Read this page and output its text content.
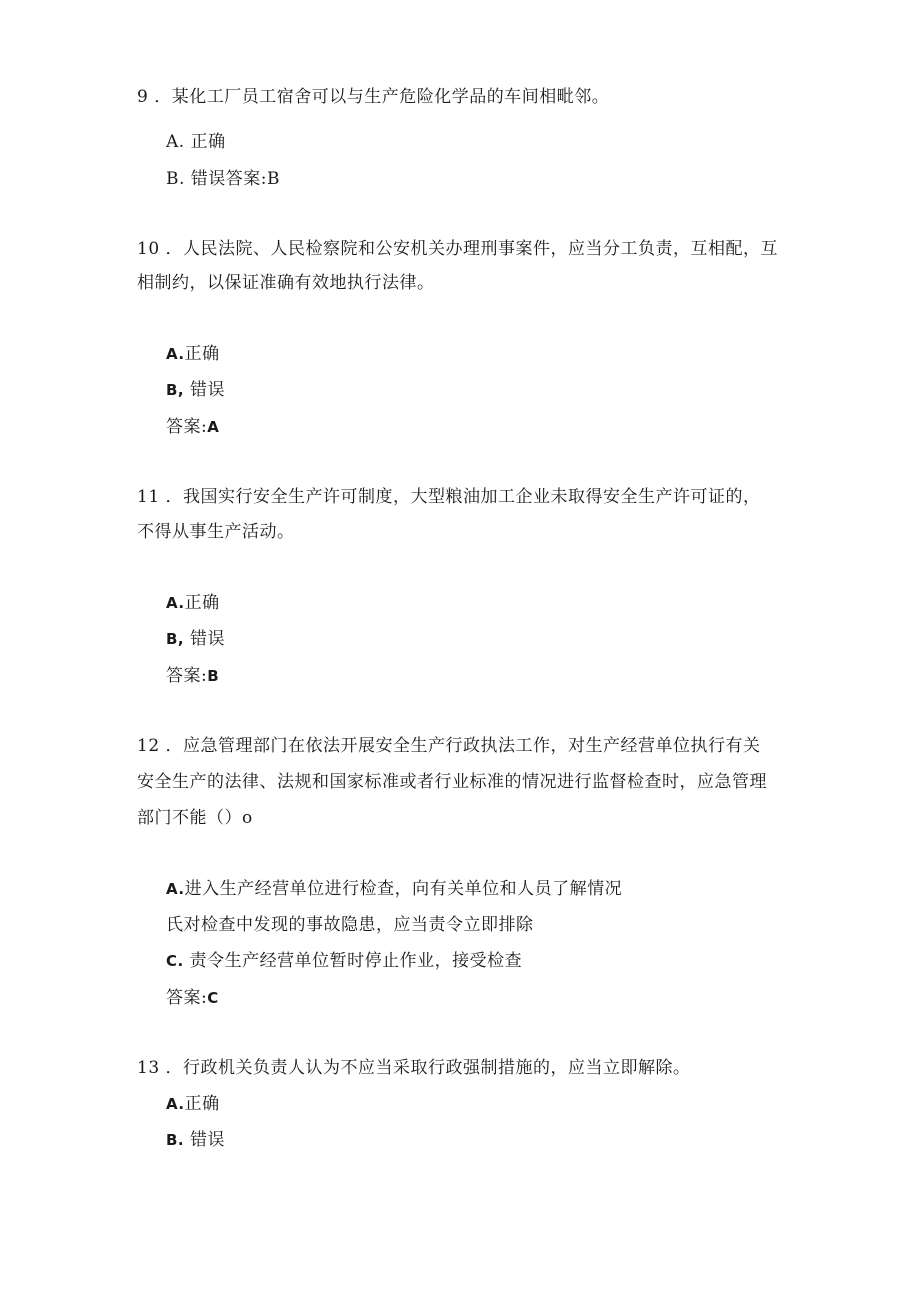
9 ．某化工厂员工宿舍可以与生产危险化学品的车间相毗邻。
A. 正确
B. 错误答案:B
10 ．人民法院、人民检察院和公安机关办理刑事案件，应当分工负责，互相配，互
相制约，以保证准确有效地执行法律。
A.正确
B, 错误
答案:A
11 ．我国实行安全生产许可制度，大型粮油加工企业未取得安全生产许可证的，
不得从事生产活动。
A.正确
B, 错误
答案:B
12 ．应急管理部门在依法开展安全生产行政执法工作，对生产经营单位执行有关
安全生产的法律、法规和国家标准或者行业标准的情况进行监督检查时，应急管理
部门不能（）o
A.进入生产经营单位进行检查，向有关单位和人员了解情况
氏对检查中发现的事故隐患，应当责令立即排除
C. 责令生产经营单位暂时停止作业，接受检查
答案:C
13 ．行政机关负责人认为不应当采取行政强制措施的，应当立即解除。
A.正确
B. 错误
